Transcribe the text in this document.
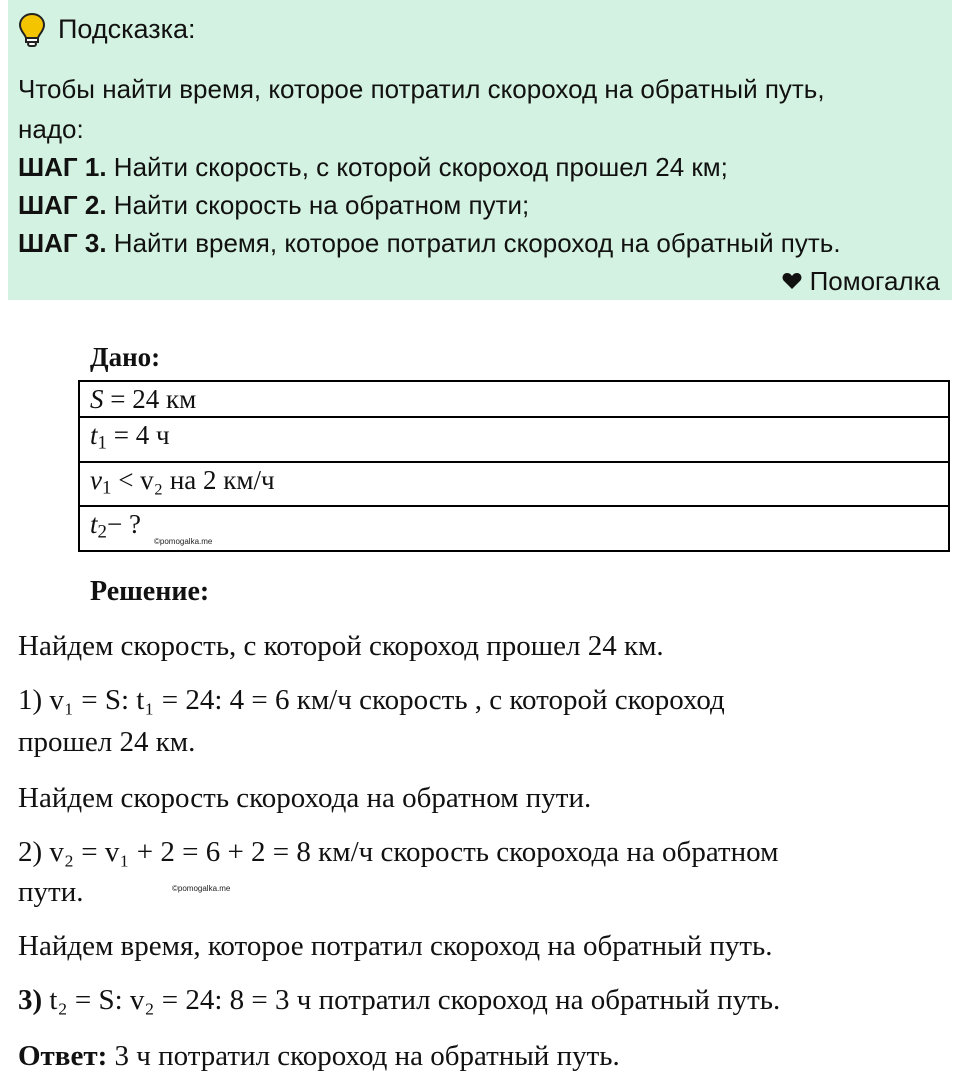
Подсказка:
Чтобы найти время, которое потратил скороход на обратный путь,
надо:
ШАГ 1. Найти скорость, с которой скороход прошел 24 км;
ШАГ 2. Найти скорость на обратном пути;
ШАГ 3. Найти время, которое потратил скороход на обратный путь.
Помогалка
Дано:
S = 24 км
$t_1 = 4$ ч
$v_1 < v_2$ на 2 км/ч
$t_2-$ ?
©pomogalka.me
Решение:
Найдем скорость, с которой скороход прошел 24 км.
1) v₁ = S: t₁ = 24: 4 = 6 км/ч скорость , с которой скороход
прошел 24 км.
Найдем скорость скорохода на обратном пути.
2) v₂ = v₁ + 2 = 6 + 2 = 8 км/ч скорость скорохода на обратном
пути.	©pomogalka.me
Найдем время, которое потратил скороход на обратный путь.
3) t₂ = S: v₂ = 24: 8 = 3 ч потратил скороход на обратный путь.
Ответ: 3 ч потратил скороход на обратный путь.
